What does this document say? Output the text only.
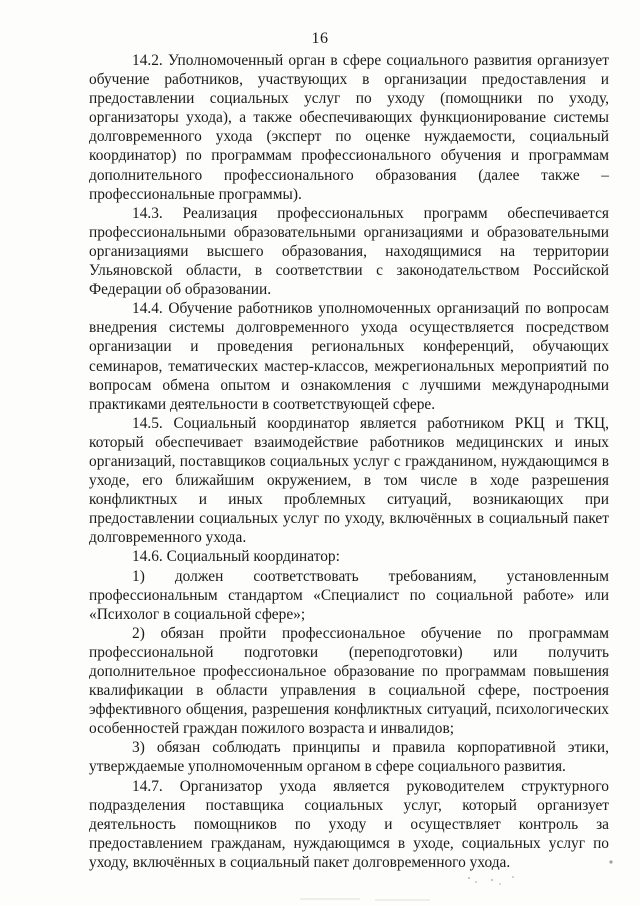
16

14.2. Уполномоченный орган в сфере социального развития организует обучение работников, участвующих в организации предоставления и предоставлении социальных услуг по уходу (помощники по уходу, организаторы ухода), а также обеспечивающих функционирование системы долговременного ухода (эксперт по оценке нуждаемости, социальный координатор) по программам профессионального обучения и программам дополнительного профессионального образования (далее также – профессиональные программы).

14.3. Реализация профессиональных программ обеспечивается профессиональными образовательными организациями и образовательными организациями высшего образования, находящимися на территории Ульяновской области, в соответствии с законодательством Российской Федерации об образовании.

14.4. Обучение работников уполномоченных организаций по вопросам внедрения системы долговременного ухода осуществляется посредством организации и проведения региональных конференций, обучающих семинаров, тематических мастер-классов, межрегиональных мероприятий по вопросам обмена опытом и ознакомления с лучшими международными практиками деятельности в соответствующей сфере.

14.5. Социальный координатор является работником РКЦ и ТКЦ, который обеспечивает взаимодействие работников медицинских и иных организаций, поставщиков социальных услуг с гражданином, нуждающимся в уходе, его ближайшим окружением, в том числе в ходе разрешения конфликтных и иных проблемных ситуаций, возникающих при предоставлении социальных услуг по уходу, включённых в социальный пакет долговременного ухода.

14.6. Социальный координатор:

1) должен соответствовать требованиям, установленным профессиональным стандартом «Специалист по социальной работе» или «Психолог в социальной сфере»;

2) обязан пройти профессиональное обучение по программам профессиональной подготовки (переподготовки) или получить дополнительное профессиональное образование по программам повышения квалификации в области управления в социальной сфере, построения эффективного общения, разрешения конфликтных ситуаций, психологических особенностей граждан пожилого возраста и инвалидов;

3) обязан соблюдать принципы и правила корпоративной этики, утверждаемые уполномоченным органом в сфере социального развития.

14.7. Организатор ухода является руководителем структурного подразделения поставщика социальных услуг, который организует деятельность помощников по уходу и осуществляет контроль за предоставлением гражданам, нуждающимся в уходе, социальных услуг по уходу, включённых в социальный пакет долговременного ухода.
